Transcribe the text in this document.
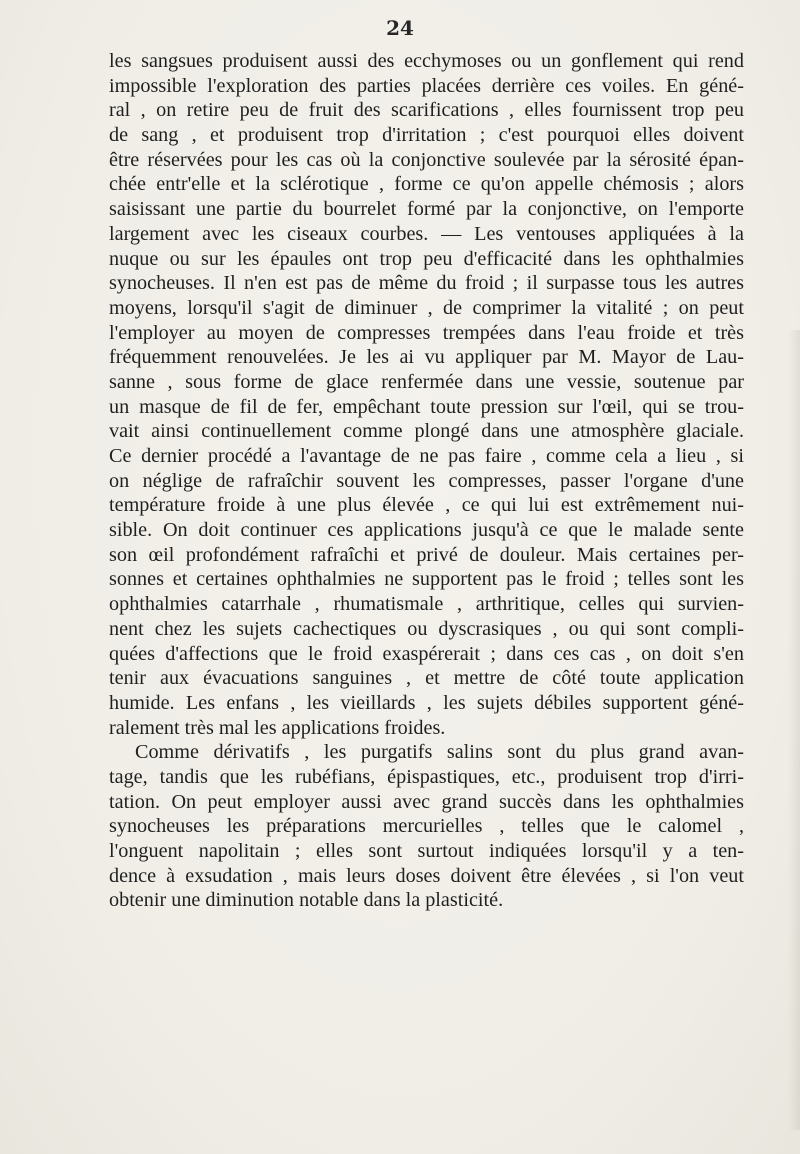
24

les sangsues produisent aussi des ecchymoses ou un gonflement qui rend
impossible l'exploration des parties placées derrière ces voiles. En géné-
ral , on retire peu de fruit des scarifications , elles fournissent trop peu
de sang , et produisent trop d'irritation ; c'est pourquoi elles doivent
être réservées pour les cas où la conjonctive soulevée par la sérosité épan-
chée entr'elle et la sclérotique , forme ce qu'on appelle chémosis ; alors
saisissant une partie du bourrelet formé par la conjonctive, on l'emporte
largement avec les ciseaux courbes. — Les ventouses appliquées à la
nuque ou sur les épaules ont trop peu d'efficacité dans les ophthalmies
synocheuses. Il n'en est pas de même du froid ; il surpasse tous les autres
moyens, lorsqu'il s'agit de diminuer , de comprimer la vitalité ; on peut
l'employer au moyen de compresses trempées dans l'eau froide et très
fréquemment renouvelées. Je les ai vu appliquer par M. Mayor de Lau-
sanne , sous forme de glace renfermée dans une vessie, soutenue par
un masque de fil de fer, empêchant toute pression sur l'œil, qui se trou-
vait ainsi continuellement comme plongé dans une atmosphère glaciale.
Ce dernier procédé a l'avantage de ne pas faire , comme cela a lieu , si
on néglige de rafraîchir souvent les compresses, passer l'organe d'une
température froide à une plus élevée , ce qui lui est extrêmement nui-
sible. On doit continuer ces applications jusqu'à ce que le malade sente
son œil profondément rafraîchi et privé de douleur. Mais certaines per-
sonnes et certaines ophthalmies ne supportent pas le froid ; telles sont les
ophthalmies catarrhale , rhumatismale , arthritique, celles qui survien-
nent chez les sujets cachectiques ou dyscrasiques , ou qui sont compli-
quées d'affections que le froid exaspérerait ; dans ces cas , on doit s'en
tenir aux évacuations sanguines , et mettre de côté toute application
humide. Les enfans , les vieillards , les sujets débiles supportent géné-
ralement très mal les applications froides.
Comme dérivatifs , les purgatifs salins sont du plus grand avan-
tage, tandis que les rubéfians, épispastiques, etc., produisent trop d'irri-
tation. On peut employer aussi avec grand succès dans les ophthalmies
synocheuses les préparations mercurielles , telles que le calomel ,
l'onguent napolitain ; elles sont surtout indiquées lorsqu'il y a ten-
dence à exsudation , mais leurs doses doivent être élevées , si l'on veut
obtenir une diminution notable dans la plasticité.
